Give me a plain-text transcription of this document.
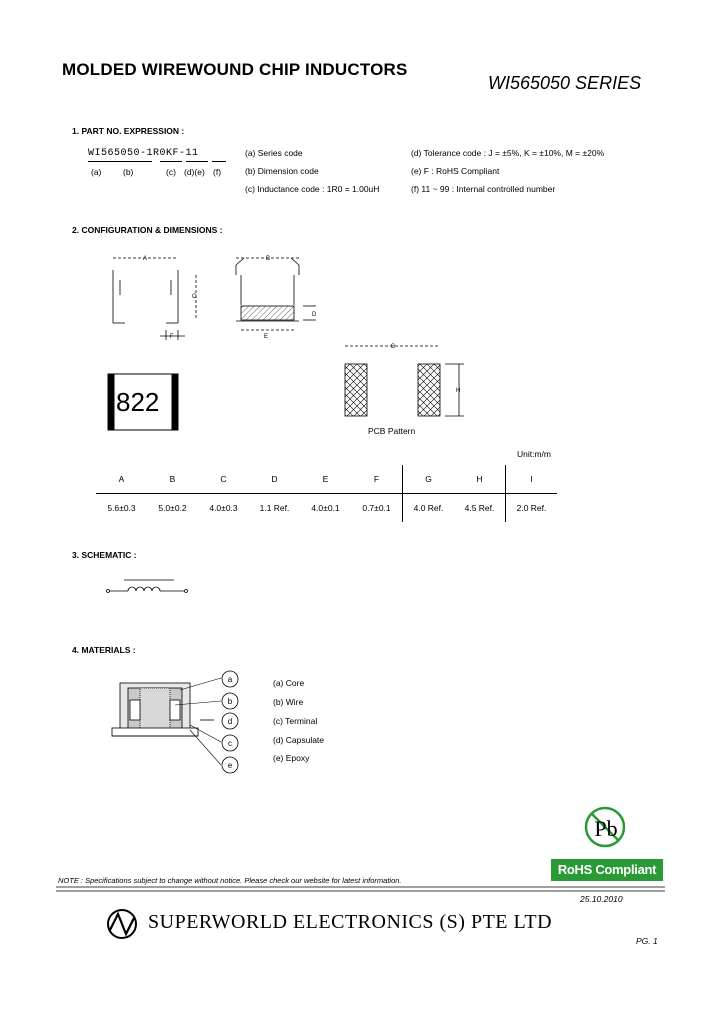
MOLDED WIREWOUND CHIP INDUCTORS
WI565050 SERIES
1. PART NO. EXPRESSION :
WI565050-1R0KF-11
(a)	(b)	(c) (d)(e) (f)
(a) Series code
(b) Dimension code
(c) Inductance code : 1R0 = 1.00uH
(d) Tolerance code : J = ±5%, K = ±10%, M = ±20%
(e) F : RoHS Compliant
(f) 11 ~ 99 : Internal controlled number
2. CONFIGURATION & DIMENSIONS :
A
F
C
B
E
D
G
H
a
b
d
c
e
Pb
822
PCB Pattern
Unit:m/m
A	B	C	D	E	F	G	H	I
5.6±0.3	5.0±0.2	4.0±0.3	1.1 Ref.	4.0±0.1	0.7±0.1	4.0 Ref.	4.5 Ref.	2.0 Ref.
3. SCHEMATIC :
4. MATERIALS :
(a) Core
(b) Wire
(c) Terminal
(d) Capsulate
(e) Epoxy
RoHS Compliant
NOTE : Specifications subject to change without notice. Please check our website for latest information.
25.10.2010
SUPERWORLD ELECTRONICS (S) PTE LTD
PG. 1
